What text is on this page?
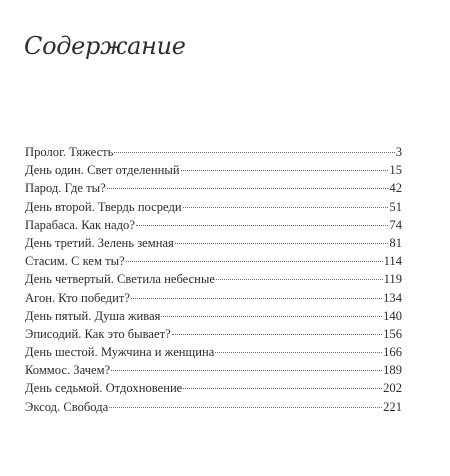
Содержание
Пролог. Тяжесть	3
День один. Свет отделенный	15
Парод. Где ты?	42
День второй. Твердь посреди	51
Парабаса. Как надо?	74
День третий. Зелень земная	81
Стасим. С кем ты?	114
День четвертый. Светила небесные	119
Агон. Кто победит?	134
День пятый. Душа живая	140
Эписодий. Как это бывает?	156
День шестой. Мужчина и женщина	166
Коммос. Зачем?	189
День седьмой. Отдохновение	202
Эксод. Свобода	221
